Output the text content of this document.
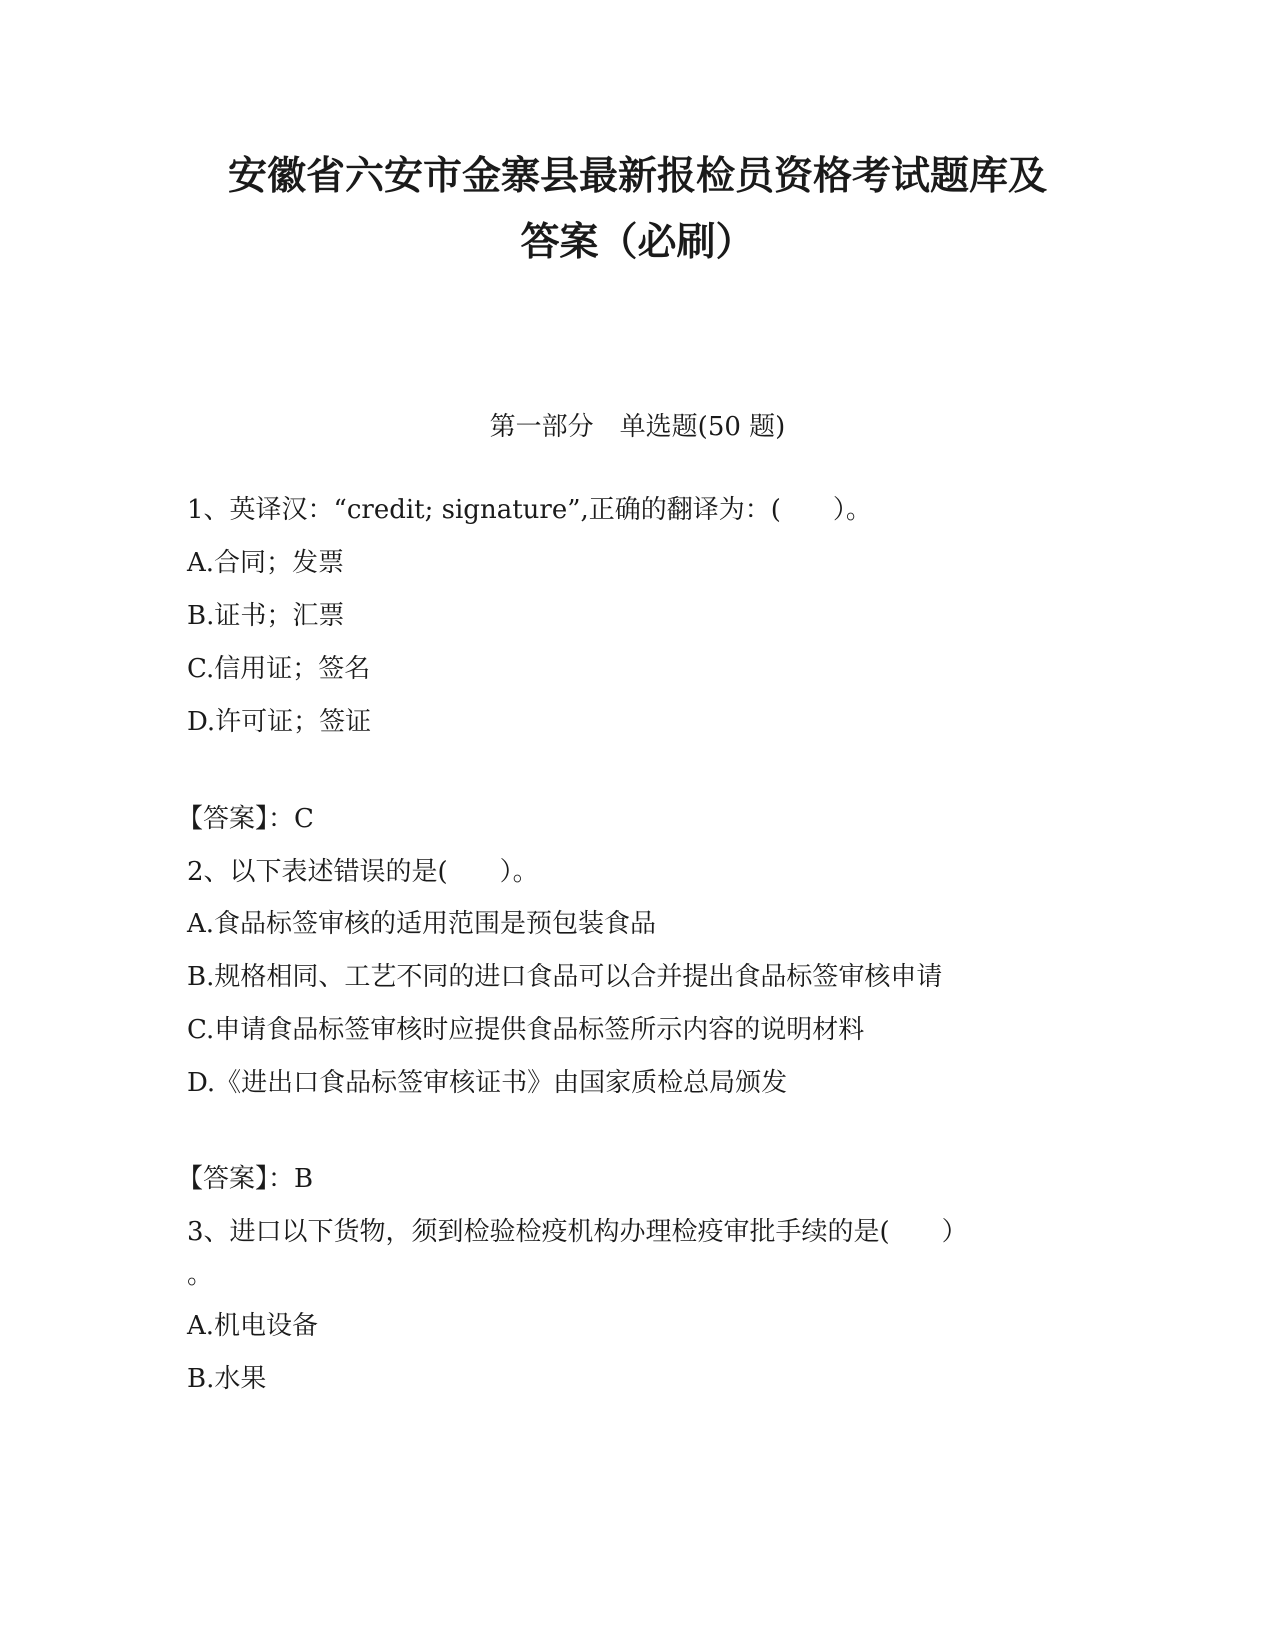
安徽省六安市金寨县最新报检员资格考试题库及
答案（必刷）
第一部分　单选题(50 题)

1、英译汉：“credit; signature”,正确的翻译为：(　　）。

A.合同；发票

B.证书；汇票

C.信用证；签名

D.许可证；签证

【答案】：C

2、以下表述错误的是(　　）。

A.食品标签审核的适用范围是预包装食品

B.规格相同、工艺不同的进口食品可以合并提出食品标签审核申请

C.申请食品标签审核时应提供食品标签所示内容的说明材料

D.《进出口食品标签审核证书》由国家质检总局颁发

【答案】：B

3、进口以下货物，须到检验检疫机构办理检疫审批手续的是(　　）

。

A.机电设备

B.水果
